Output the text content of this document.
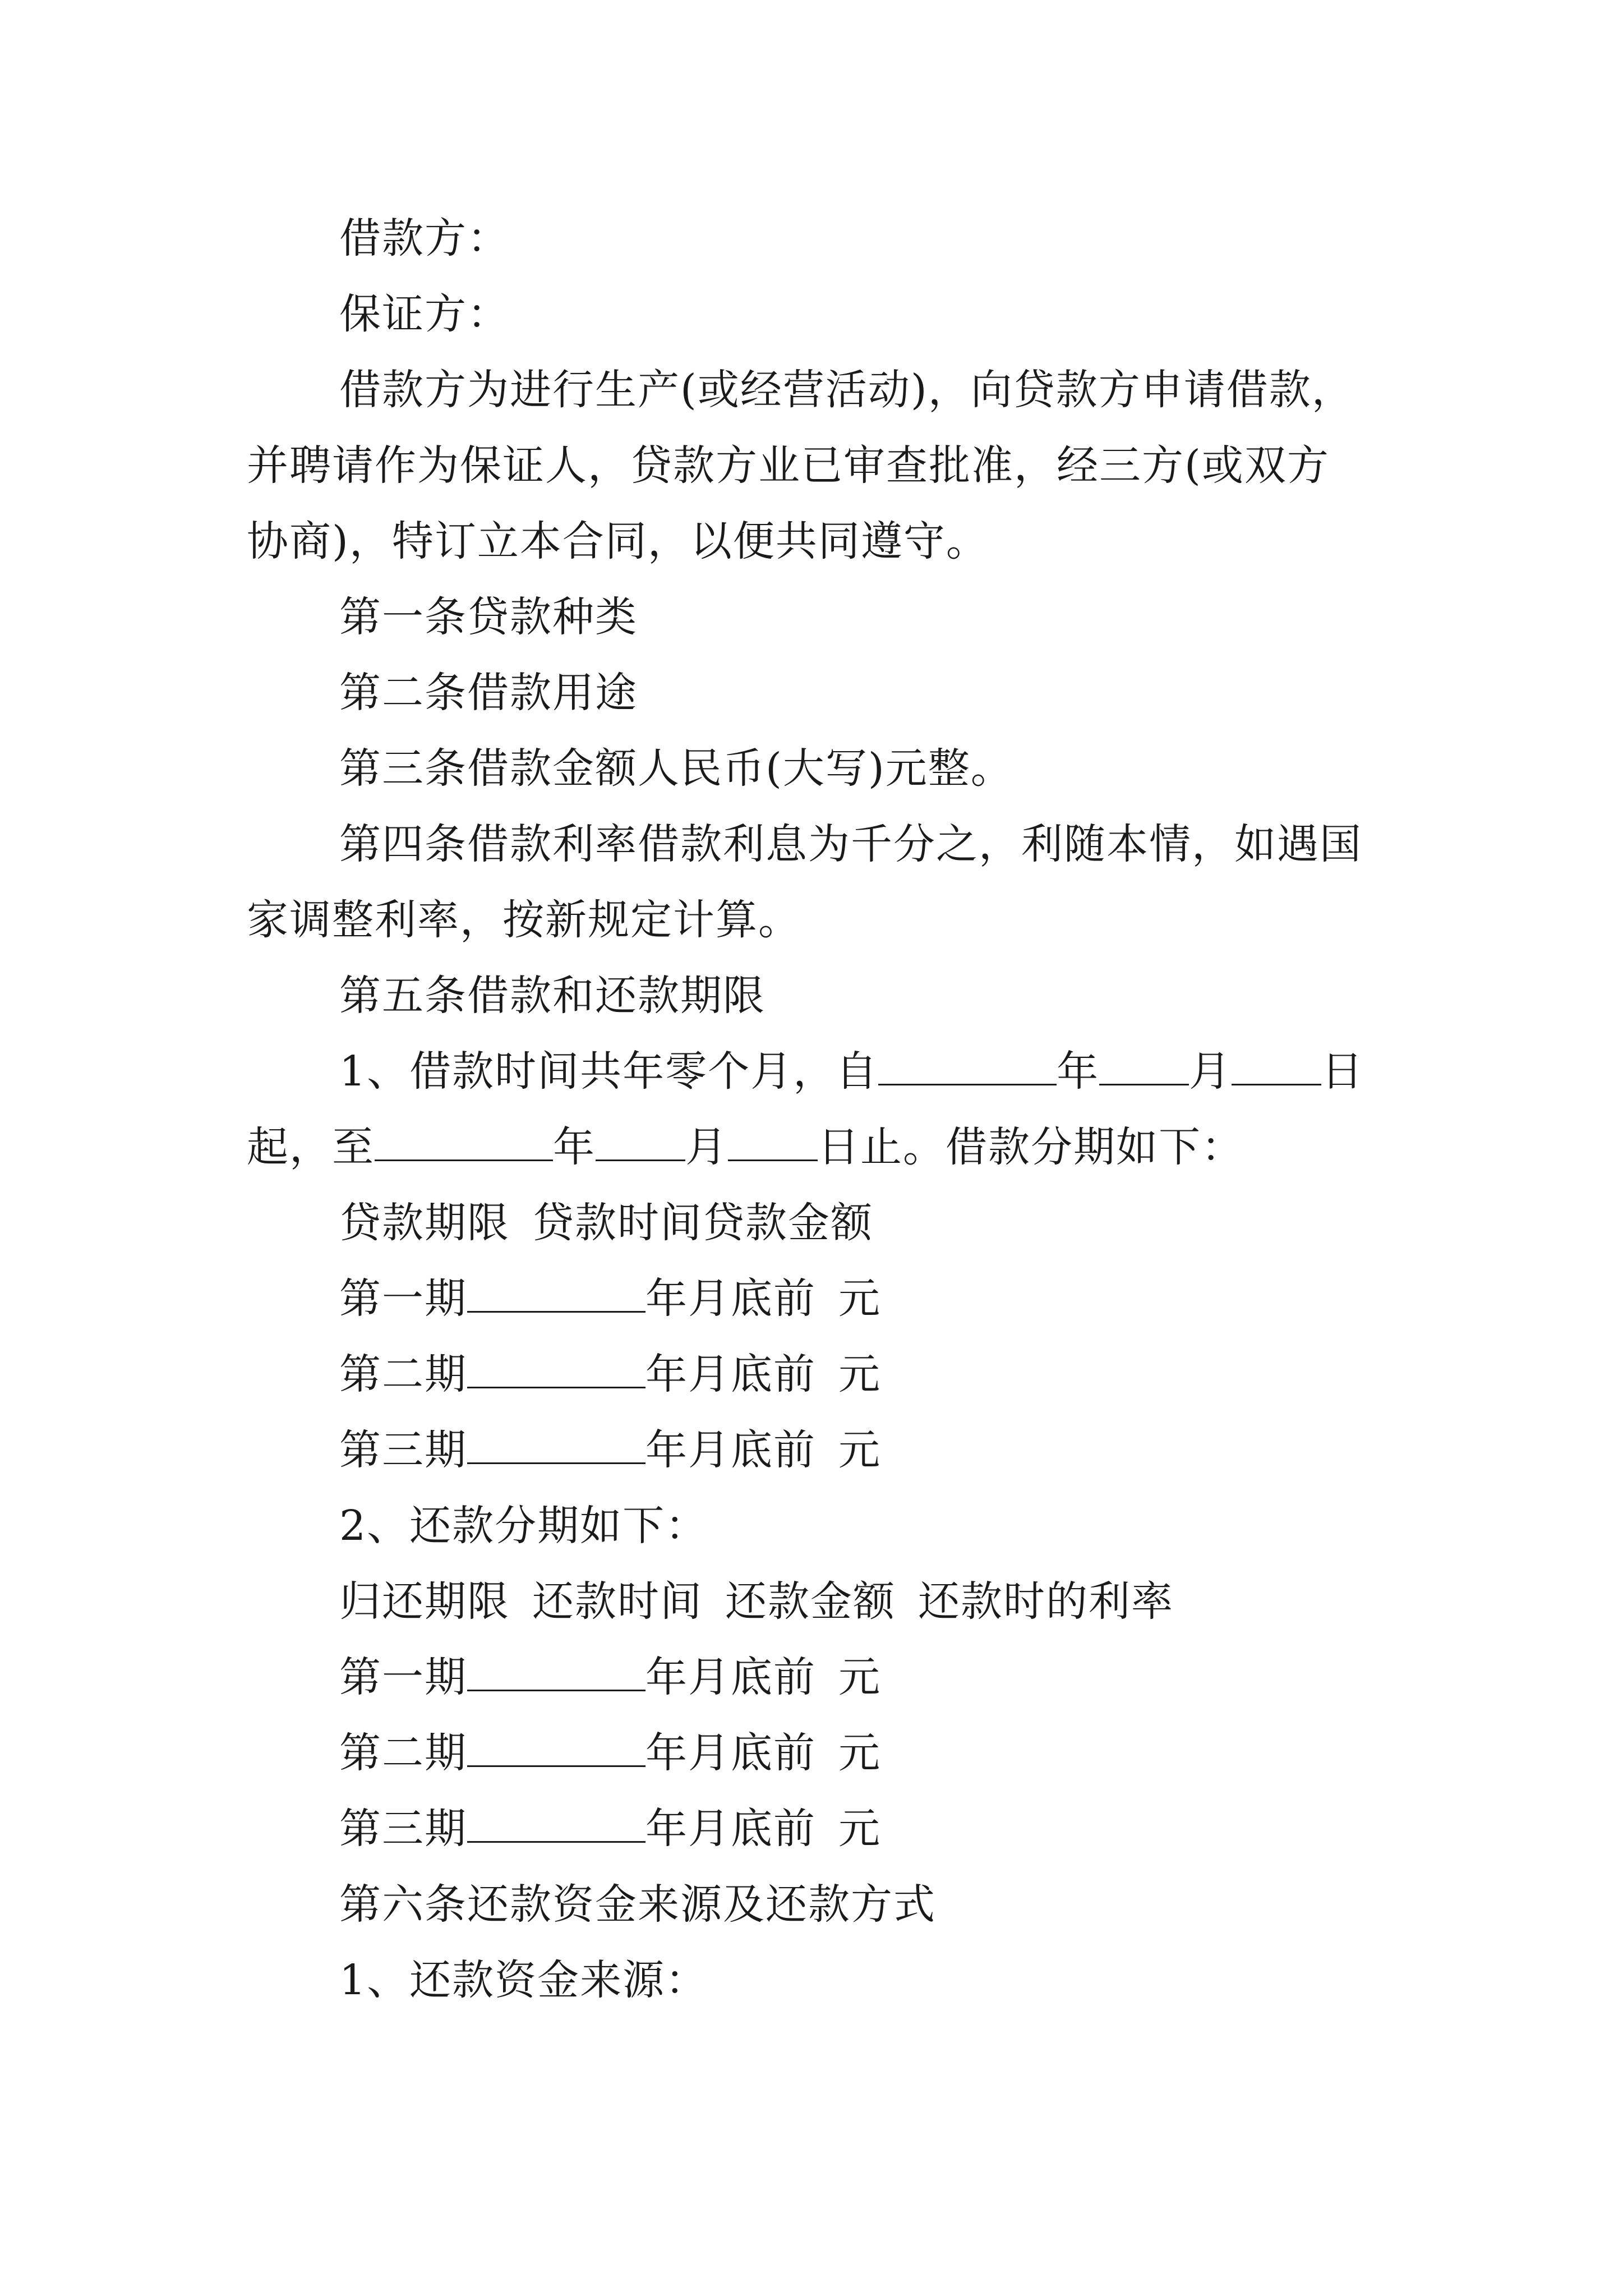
借款方：
保证方：
借款方为进行生产(或经营活动)，向贷款方申请借款，
并聘请作为保证人，贷款方业已审查批准，经三方(或双方
协商)，特订立本合同，以便共同遵守。
第一条贷款种类
第二条借款用途
第三条借款金额人民币(大写)元整。
第四条借款利率借款利息为千分之，利随本情，如遇国
家调整利率，按新规定计算。
第五条借款和还款期限
1、借款时间共年零个月，自	年 月 日
起，至	年 月 日止。借款分期如下：
贷款期限 贷款时间贷款金额
第一期	年月底前 元
第二期	年月底前 元
第三期	年月底前 元
2、还款分期如下：
归还期限 还款时间 还款金额 还款时的利率
第一期	年月底前 元
第二期	年月底前 元
第三期	年月底前 元
第六条还款资金来源及还款方式
1、还款资金来源：
